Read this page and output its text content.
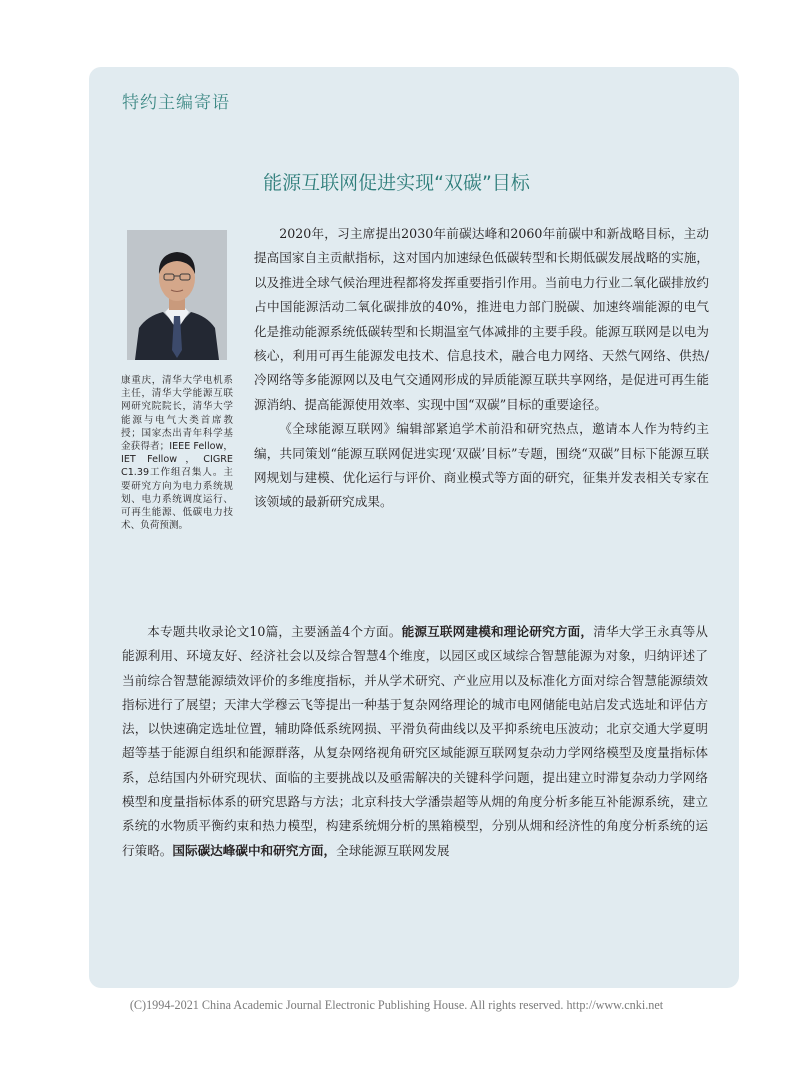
特约主编寄语
能源互联网促进实现“双碳”目标

康重庆，清华大学电机系主任，清华大学能源互联网研究院院长，清华大学能源与电气大类首席教授；国家杰出青年科学基金获得者；IEEE Fellow，IET Fellow，CIGRE C1.39工作组召集人。主要研究方向为电力系统规划、电力系统调度运行、可再生能源、低碳电力技术、负荷预测。

2020年，习主席提出2030年前碳达峰和2060年前碳中和新战略目标，主动提高国家自主贡献指标，这对国内加速绿色低碳转型和长期低碳发展战略的实施，以及推进全球气候治理进程都将发挥重要指引作用。当前电力行业二氧化碳排放约占中国能源活动二氧化碳排放的40%，推进电力部门脱碳、加速终端能源的电气化是推动能源系统低碳转型和长期温室气体减排的主要手段。能源互联网是以电为核心，利用可再生能源发电技术、信息技术，融合电力网络、天然气网络、供热/冷网络等多能源网以及电气交通网形成的异质能源互联共享网络，是促进可再生能源消纳、提高能源使用效率、实现中国“双碳”目标的重要途径。

《全球能源互联网》编辑部紧追学术前沿和研究热点，邀请本人作为特约主编，共同策划“能源互联网促进实现‘双碳’目标”专题，围绕“双碳”目标下能源互联网规划与建模、优化运行与评价、商业模式等方面的研究，征集并发表相关专家在该领域的最新研究成果。

本专题共收录论文10篇，主要涵盖4个方面。能源互联网建模和理论研究方面，清华大学王永真等从能源利用、环境友好、经济社会以及综合智慧4个维度，以园区或区域综合智慧能源为对象，归纳评述了当前综合智慧能源绩效评价的多维度指标，并从学术研究、产业应用以及标准化方面对综合智慧能源绩效指标进行了展望；天津大学穆云飞等提出一种基于复杂网络理论的城市电网储能电站启发式选址和评估方法，以快速确定选址位置，辅助降低系统网损、平滑负荷曲线以及平抑系统电压波动；北京交通大学夏明超等基于能源自组织和能源群落，从复杂网络视角研究区域能源互联网复杂动力学网络模型及度量指标体系，总结国内外研究现状、面临的主要挑战以及亟需解决的关键科学问题，提出建立时滞复杂动力学网络模型和度量指标体系的研究思路与方法；北京科技大学潘崇超等从㶲的角度分析多能互补能源系统，建立系统的水物质平衡约束和热力模型，构建系统㶲分析的黑箱模型，分别从㶲和经济性的角度分析系统的运行策略。国际碳达峰碳中和研究方面，全球能源互联网发展

(C)1994-2021 China Academic Journal Electronic Publishing House. All rights reserved. http://www.cnki.net
